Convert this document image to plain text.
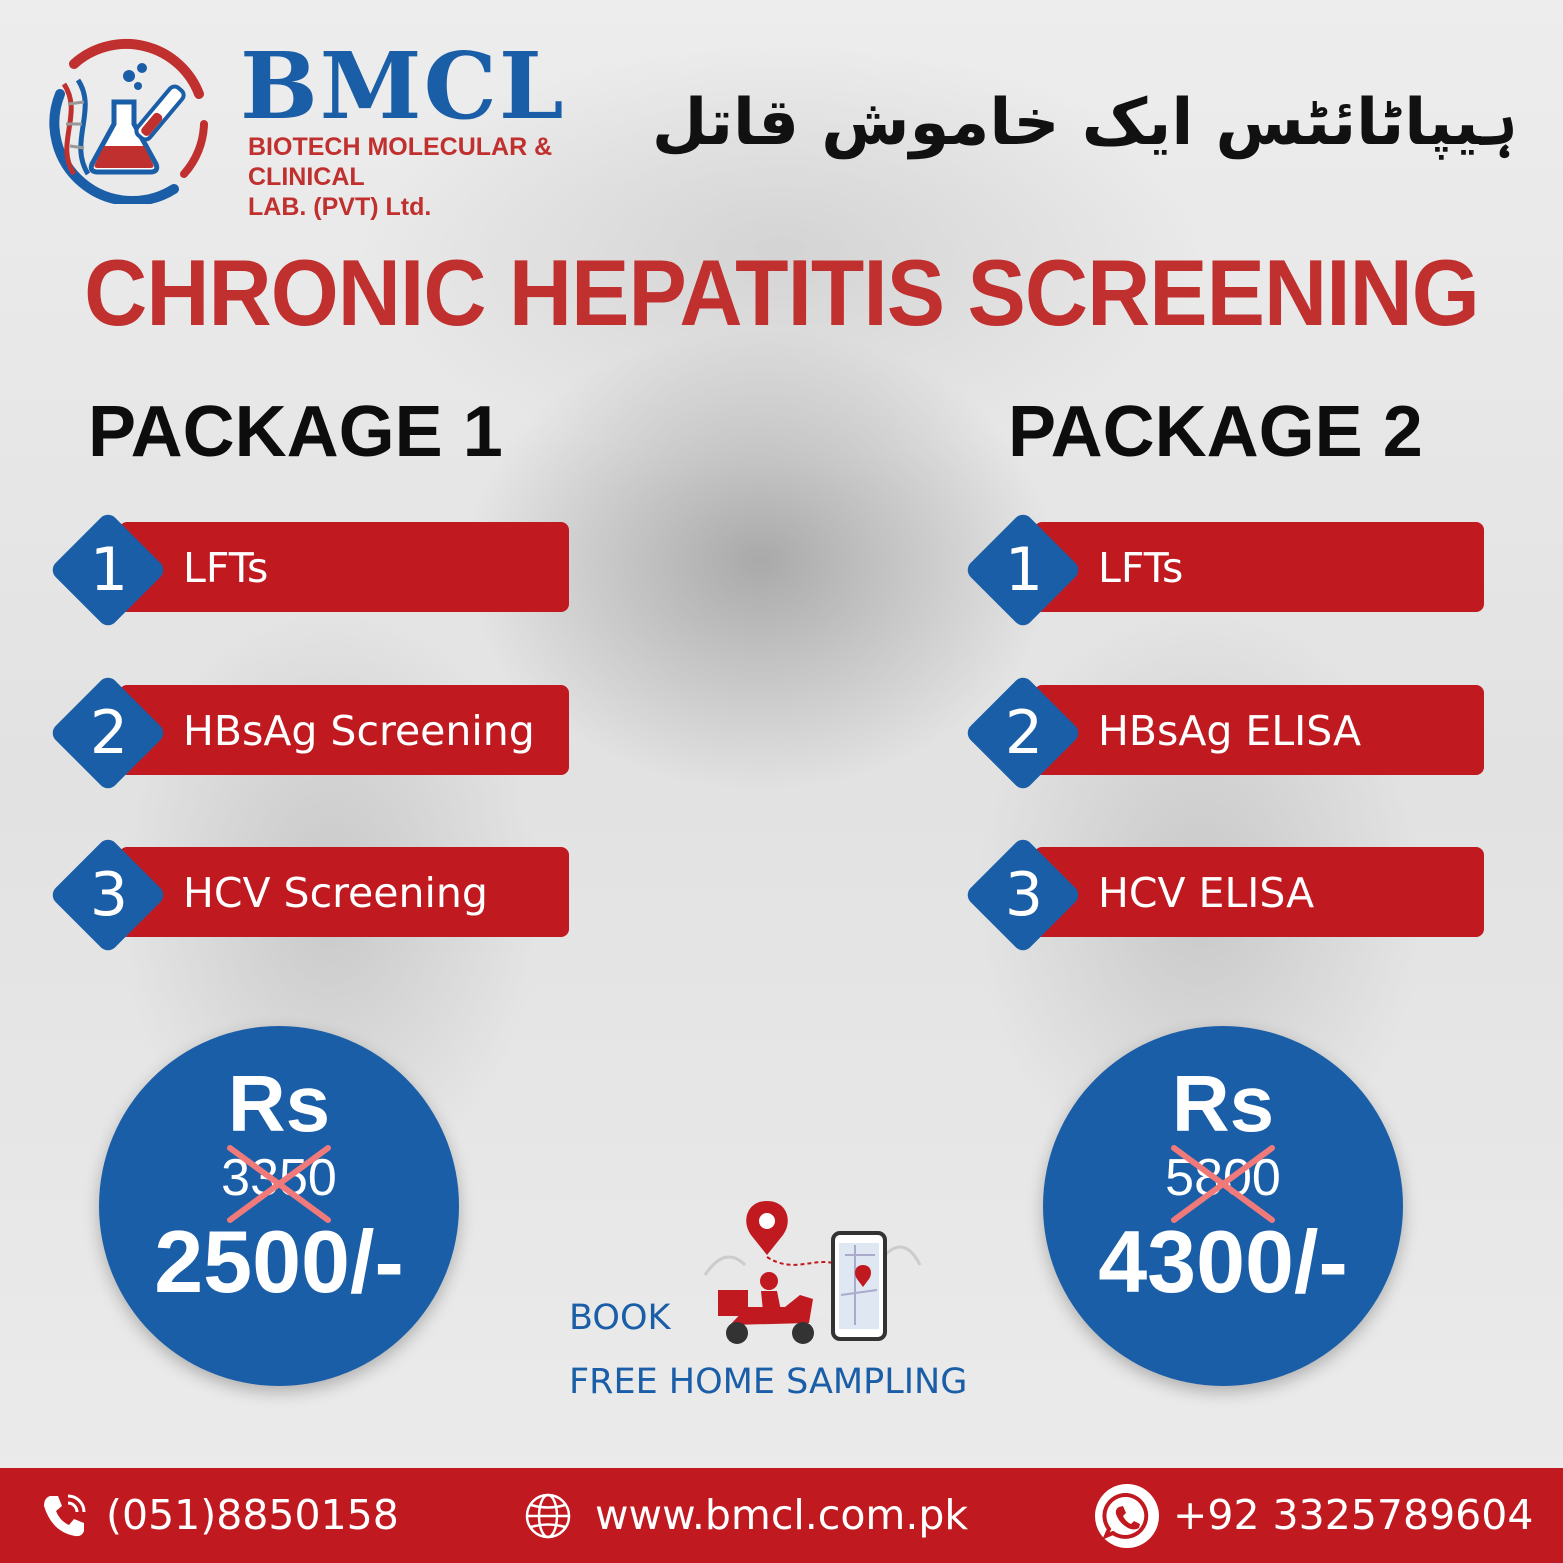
BMCL
BIOTECH MOLECULAR & CLINICAL
LAB. (PVT) Ltd.
ہیپاٹائٹس ایک خاموش قاتل
CHRONIC HEPATITIS SCREENING
PACKAGE 1
LFTs
1
HBsAg Screening
2
HCV Screening
3
PACKAGE 2
LFTs
1
HBsAg ELISA
2
HCV ELISA
3
Rs
3350
2500/-
Rs
5800
4300/-
BOOK
FREE HOME SAMPLING
(051)8850158	www.bmcl.com.pk	+92 3325789604
